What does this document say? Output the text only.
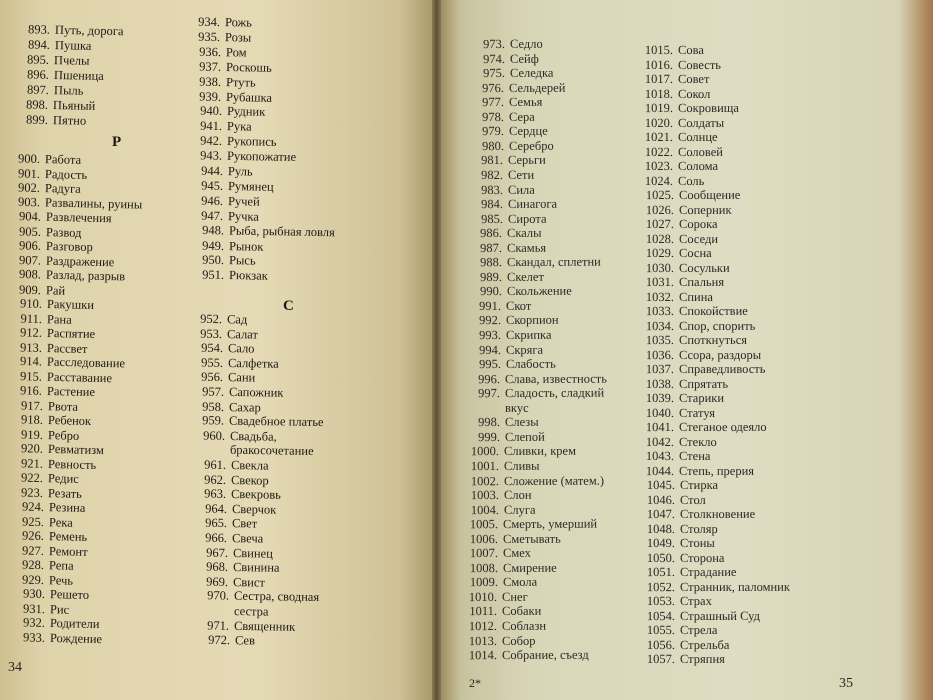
893. Путь, дорога
894. Пушка
895. Пчелы
896. Пшеница
897. Пыль
898. Пьяный
899. Пятно
Р
900. Работа
901. Радость
902. Радуга
903. Развалины, руины
904. Развлечения
905. Развод
906. Разговор
907. Раздражение
908. Разлад, разрыв
909. Рай
910. Ракушки
911. Рана
912. Распятие
913. Рассвет
914. Расследование
915. Расставание
916. Растение
917. Рвота
918. Ребенок
919. Ребро
920. Ревматизм
921. Ревность
922. Редис
923. Резать
924. Резина
925. Река
926. Ремень
927. Ремонт
928. Репа
929. Речь
930. Решето
931. Рис
932. Родители
933. Рождение
934. Рожь
935. Розы
936. Ром
937. Роскошь
938. Ртуть
939. Рубашка
940. Рудник
941. Рука
942. Рукопись
943. Рукопожатие
944. Руль
945. Румянец
946. Ручей
947. Ручка
948. Рыба, рыбная ловля
949. Рынок
950. Рысь
951. Рюкзак
С
952. Сад
953. Салат
954. Сало
955. Салфетка
956. Сани
957. Сапожник
958. Сахар
959. Свадебное платье
960. Свадьба,
бракосочетание
961. Свекла
962. Свекор
963. Свекровь
964. Сверчок
965. Свет
966. Свеча
967. Свинец
968. Свинина
969. Свист
970. Сестра, сводная
сестра
971. Священник
972. Сев
34
973. Седло
974. Сейф
975. Селедка
976. Сельдерей
977. Семья
978. Сера
979. Сердце
980. Серебро
981. Серьги
982. Сети
983. Сила
984. Синагога
985. Сирота
986. Скалы
987. Скамья
988. Скандал, сплетни
989. Скелет
990. Скольжение
991. Скот
992. Скорпион
993. Скрипка
994. Скряга
995. Слабость
996. Слава, известность
997. Сладость, сладкий
вкус
998. Слезы
999. Слепой
1000. Сливки, крем
1001. Сливы
1002. Сложение (матем.)
1003. Слон
1004. Слуга
1005. Смерть, умерший
1006. Сметывать
1007. Смех
1008. Смирение
1009. Смола
1010. Снег
1011. Собаки
1012. Соблазн
1013. Собор
1014. Собрание, съезд
1015. Сова
1016. Совесть
1017. Совет
1018. Сокол
1019. Сокровища
1020. Солдаты
1021. Солнце
1022. Соловей
1023. Солома
1024. Соль
1025. Сообщение
1026. Соперник
1027. Сорока
1028. Соседи
1029. Сосна
1030. Сосульки
1031. Спальня
1032. Спина
1033. Спокойствие
1034. Спор, спорить
1035. Споткнуться
1036. Ссора, раздоры
1037. Справедливость
1038. Спрятать
1039. Старики
1040. Статуя
1041. Стеганое одеяло
1042. Стекло
1043. Стена
1044. Степь, прерия
1045. Стирка
1046. Стол
1047. Столкновение
1048. Столяр
1049. Стоны
1050. Сторона
1051. Страдание
1052. Странник, паломник
1053. Страх
1054. Страшный Суд
1055. Стрела
1056. Стрельба
1057. Стряпня
2*	35
